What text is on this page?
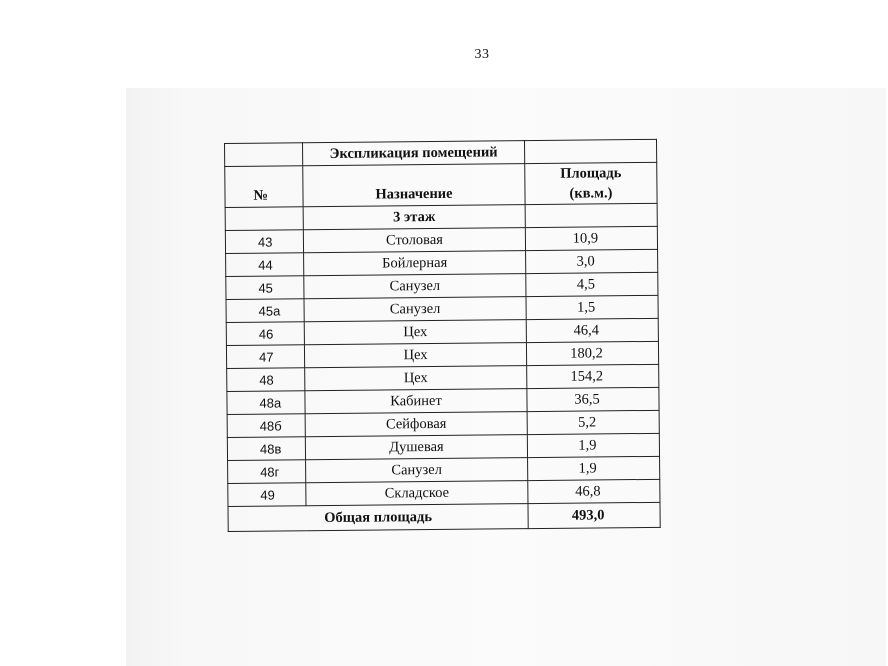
33
	Экспликация помещений	
№	Назначение	Площадь
(кв.м.)
	3 этаж	
43	Столовая	10,9
44	Бойлерная	3,0
45	Санузел	4,5
45а	Санузел	1,5
46	Цех	46,4
47	Цех	180,2
48	Цех	154,2
48а	Кабинет	36,5
48б	Сейфовая	5,2
48в	Душевая	1,9
48г	Санузел	1,9
49	Складское	46,8
Общая площадь		493,0
